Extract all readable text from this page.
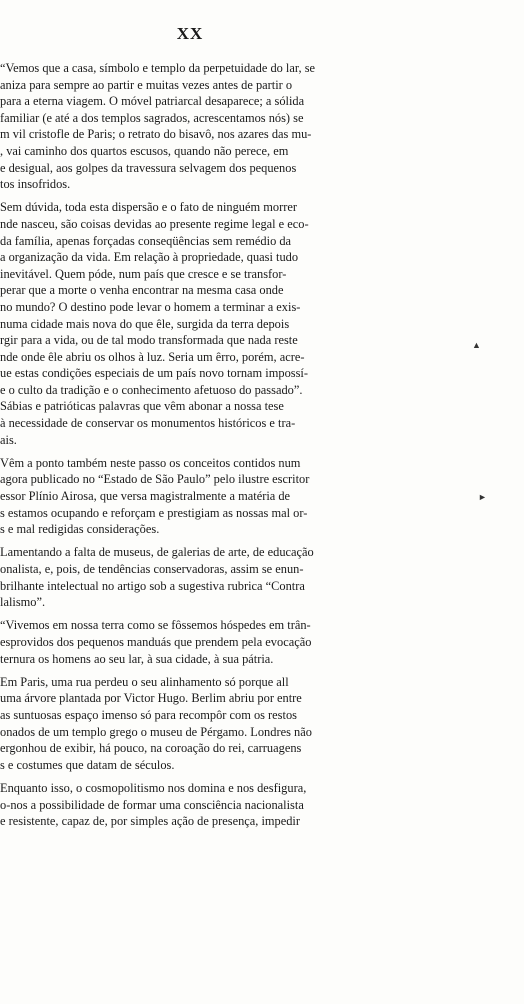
XX
“Vemos que a casa, símbolo e templo da perpetuidade do lar, se
aniza para sempre ao partir e muitas vezes antes de partir o
para a eterna viagem. O móvel patriarcal desaparece; a sólida
familiar (e até a dos templos sagrados, acrescentamos nós) se
m vil cristofle de Paris; o retrato do bisavô, nos azares das mu-
, vai caminho dos quartos escusos, quando não perece, em
e desigual, aos golpes da travessura selvagem dos pequenos
tos insofridos.
Sem dúvida, toda esta dispersão e o fato de ninguém morrer
nde nasceu, são coisas devidas ao presente regime legal e eco-
da família, apenas forçadas conseqüências sem remédio da
a organização da vida. Em relação à propriedade, quasi tudo
inevitável. Quem póde, num país que cresce e se transfor-
perar que a morte o venha encontrar na mesma casa onde
no mundo? O destino pode levar o homem a terminar a exis-
numa cidade mais nova do que êle, surgida da terra depois
rgir para a vida, ou de tal modo transformada que nada reste
nde onde êle abriu os olhos à luz. Seria um êrro, porém, acre-
ue estas condições especiais de um país novo tornam impossí-
e o culto da tradição e o conhecimento afetuoso do passado”.
Sábias e patrióticas palavras que vêm abonar a nossa tese
à necessidade de conservar os monumentos históricos e tra-
ais.
Vêm a ponto também neste passo os conceitos contidos num
agora publicado no “Estado de São Paulo” pelo ilustre escritor
essor Plínio Airosa, que versa magistralmente a matéria de
s estamos ocupando e reforçam e prestigiam as nossas mal or-
s e mal redigidas considerações.
Lamentando a falta de museus, de galerias de arte, de educação
onalista, e, pois, de tendências conservadoras, assim se enun-
brilhante intelectual no artigo sob a sugestiva rubrica “Contra
lalismo”.
“Vivemos em nossa terra como se fôssemos hóspedes em trân-
esprovidos dos pequenos manduás que prendem pela evocação
ternura os homens ao seu lar, à sua cidade, à sua pátria.
Em Paris, uma rua perdeu o seu alinhamento só porque all
uma árvore plantada por Victor Hugo. Berlim abriu por entre
as suntuosas espaço imenso só para recompôr com os restos
onados de um templo grego o museu de Pérgamo. Londres não
ergonhou de exibir, há pouco, na coroação do rei, carruagens
s e costumes que datam de séculos.
Enquanto isso, o cosmopolitismo nos domina e nos desfigura,
o-nos a possibilidade de formar uma consciência nacionalista
e resistente, capaz de, por simples ação de presença, impedir
▲
►
